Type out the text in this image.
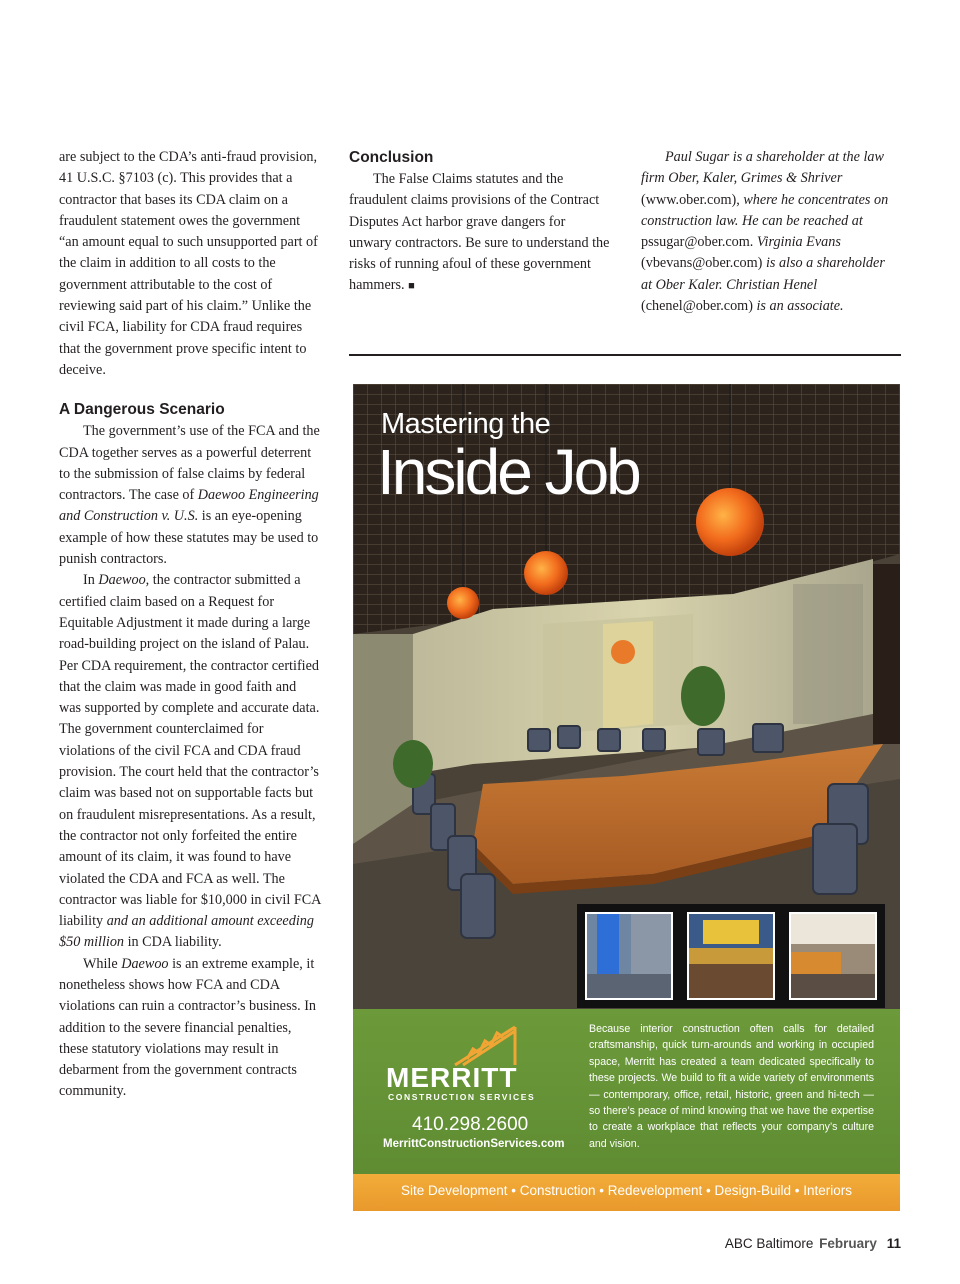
are subject to the CDA’s anti-fraud provision, 41 U.S.C. §7103 (c). This provides that a contractor that bases its CDA claim on a fraudulent statement owes the government “an amount equal to such unsupported part of the claim in addition to all costs to the government attributable to the cost of reviewing said part of his claim.” Unlike the civil FCA, liability for CDA fraud requires that the government prove specific intent to deceive.

A Dangerous Scenario

The government’s use of the FCA and the CDA together serves as a powerful deterrent to the submission of false claims by federal contractors. The case of Daewoo Engineering and Construction v. U.S. is an eye-opening example of how these statutes may be used to punish contractors.

In Daewoo, the contractor submitted a certified claim based on a Request for Equitable Adjustment it made during a large road-building project on the island of Palau. Per CDA requirement, the contractor certified that the claim was made in good faith and was supported by complete and accurate data. The government counterclaimed for violations of the civil FCA and CDA fraud provision. The court held that the contractor’s claim was based not on supportable facts but on fraudulent misrepresentations. As a result, the contractor not only forfeited the entire amount of its claim, it was found to have violated the CDA and FCA as well. The contractor was liable for $10,000 in civil FCA liability and an additional amount exceeding $50 million in CDA liability.

While Daewoo is an extreme example, it nonetheless shows how FCA and CDA violations can ruin a contractor’s business. In addition to the severe financial penalties, these statutory violations may result in debarment from the government contracts community.

Conclusion

The False Claims statutes and the fraudulent claims provisions of the Contract Disputes Act harbor grave dangers for unwary contractors. Be sure to understand the risks of running afoul of these government hammers. ■

Paul Sugar is a shareholder at the law firm Ober, Kaler, Grimes & Shriver (www.ober.com), where he concentrates on construction law. He can be reached at pssugar@ober.com. Virginia Evans (vbevans@ober.com) is also a shareholder at Ober Kaler. Christian Henel (chenel@ober.com) is an associate.

Mastering the
Inside Job
MERRITT
CONSTRUCTION SERVICES
410.298.2600
MerrittConstructionServices.com
Because interior construction often calls for detailed craftsmanship, quick turn-arounds and working in occupied space, Merritt has created a team dedicated specifically to these projects. We build to fit a wide variety of environments — contemporary, office, retail, historic, green and hi-tech — so there’s peace of mind knowing that we have the expertise to create a workplace that reflects your company’s culture and vision.
Site Development • Construction • Redevelopment • Design-Build • Interiors
ABC Baltimore February 11
